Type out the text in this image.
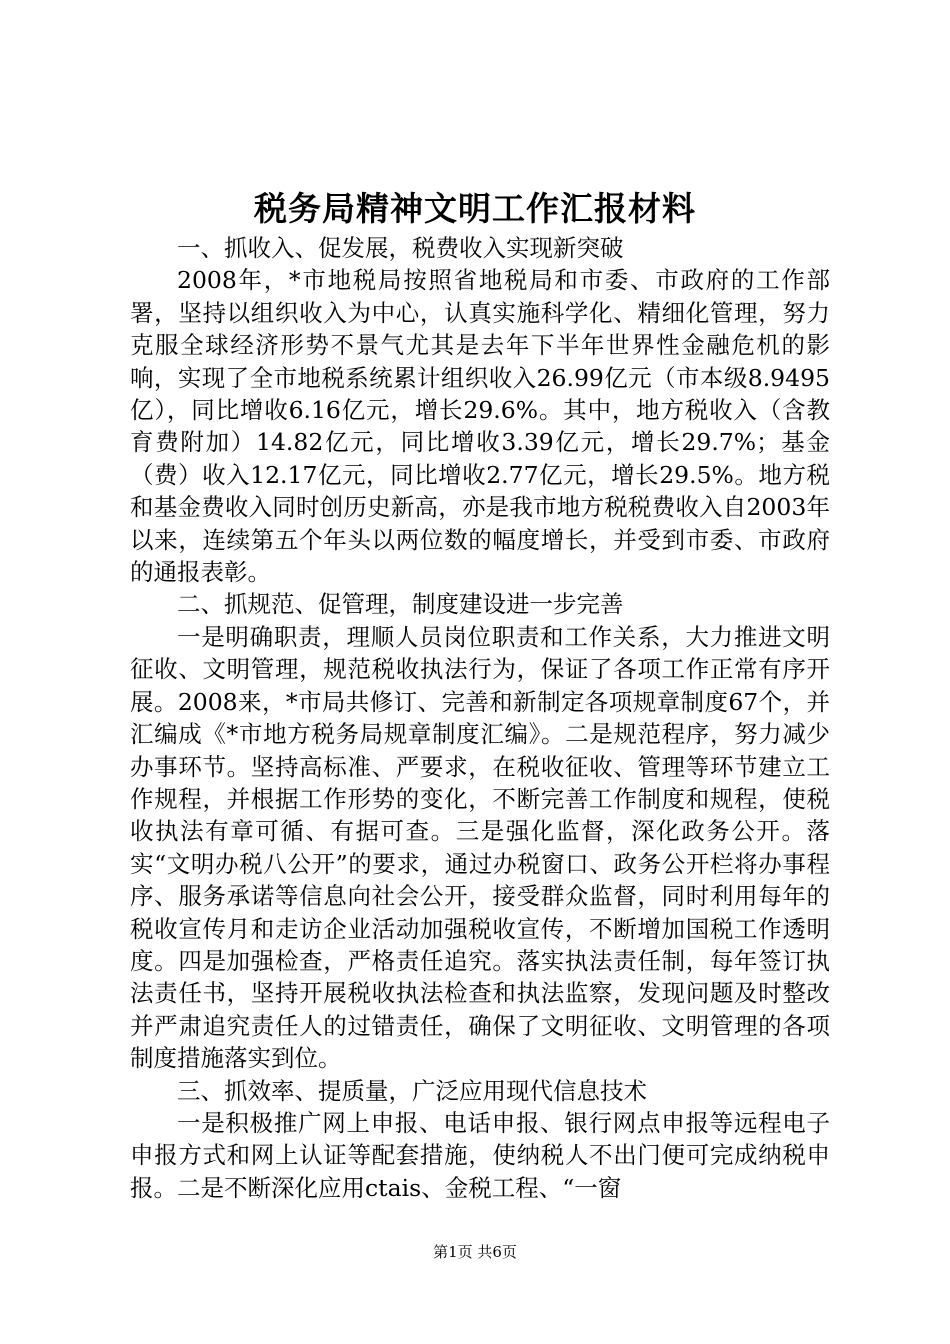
税务局精神文明工作汇报材料

一、抓收入、促发展，税费收入实现新突破

2008年，*市地税局按照省地税局和市委、市政府的工作部署，坚持以组织收入为中心，认真实施科学化、精细化管理，努力克服全球经济形势不景气尤其是去年下半年世界性金融危机的影响，实现了全市地税系统累计组织收入26.99亿元（市本级8.9495亿），同比增收6.16亿元，增长29.6%。其中，地方税收入（含教育费附加）14.82亿元，同比增收3.39亿元，增长29.7%；基金（费）收入12.17亿元，同比增收2.77亿元，增长29.5%。地方税和基金费收入同时创历史新高，亦是我市地方税税费收入自2003年以来，连续第五个年头以两位数的幅度增长，并受到市委、市政府的通报表彰。

二、抓规范、促管理，制度建设进一步完善

一是明确职责，理顺人员岗位职责和工作关系，大力推进文明征收、文明管理，规范税收执法行为，保证了各项工作正常有序开展。2008来，*市局共修订、完善和新制定各项规章制度67个，并汇编成《*市地方税务局规章制度汇编》。二是规范程序，努力减少办事环节。坚持高标准、严要求，在税收征收、管理等环节建立工作规程，并根据工作形势的变化，不断完善工作制度和规程，使税收执法有章可循、有据可查。三是强化监督，深化政务公开。落实“文明办税八公开”的要求，通过办税窗口、政务公开栏将办事程序、服务承诺等信息向社会公开，接受群众监督，同时利用每年的税收宣传月和走访企业活动加强税收宣传，不断增加国税工作透明度。四是加强检查，严格责任追究。落实执法责任制，每年签订执法责任书，坚持开展税收执法检查和执法监察，发现问题及时整改并严肃追究责任人的过错责任，确保了文明征收、文明管理的各项制度措施落实到位。

三、抓效率、提质量，广泛应用现代信息技术

一是积极推广网上申报、电话申报、银行网点申报等远程电子申报方式和网上认证等配套措施，使纳税人不出门便可完成纳税申报。二是不断深化应用ctais、金税工程、“一窗

第1页 共6页
